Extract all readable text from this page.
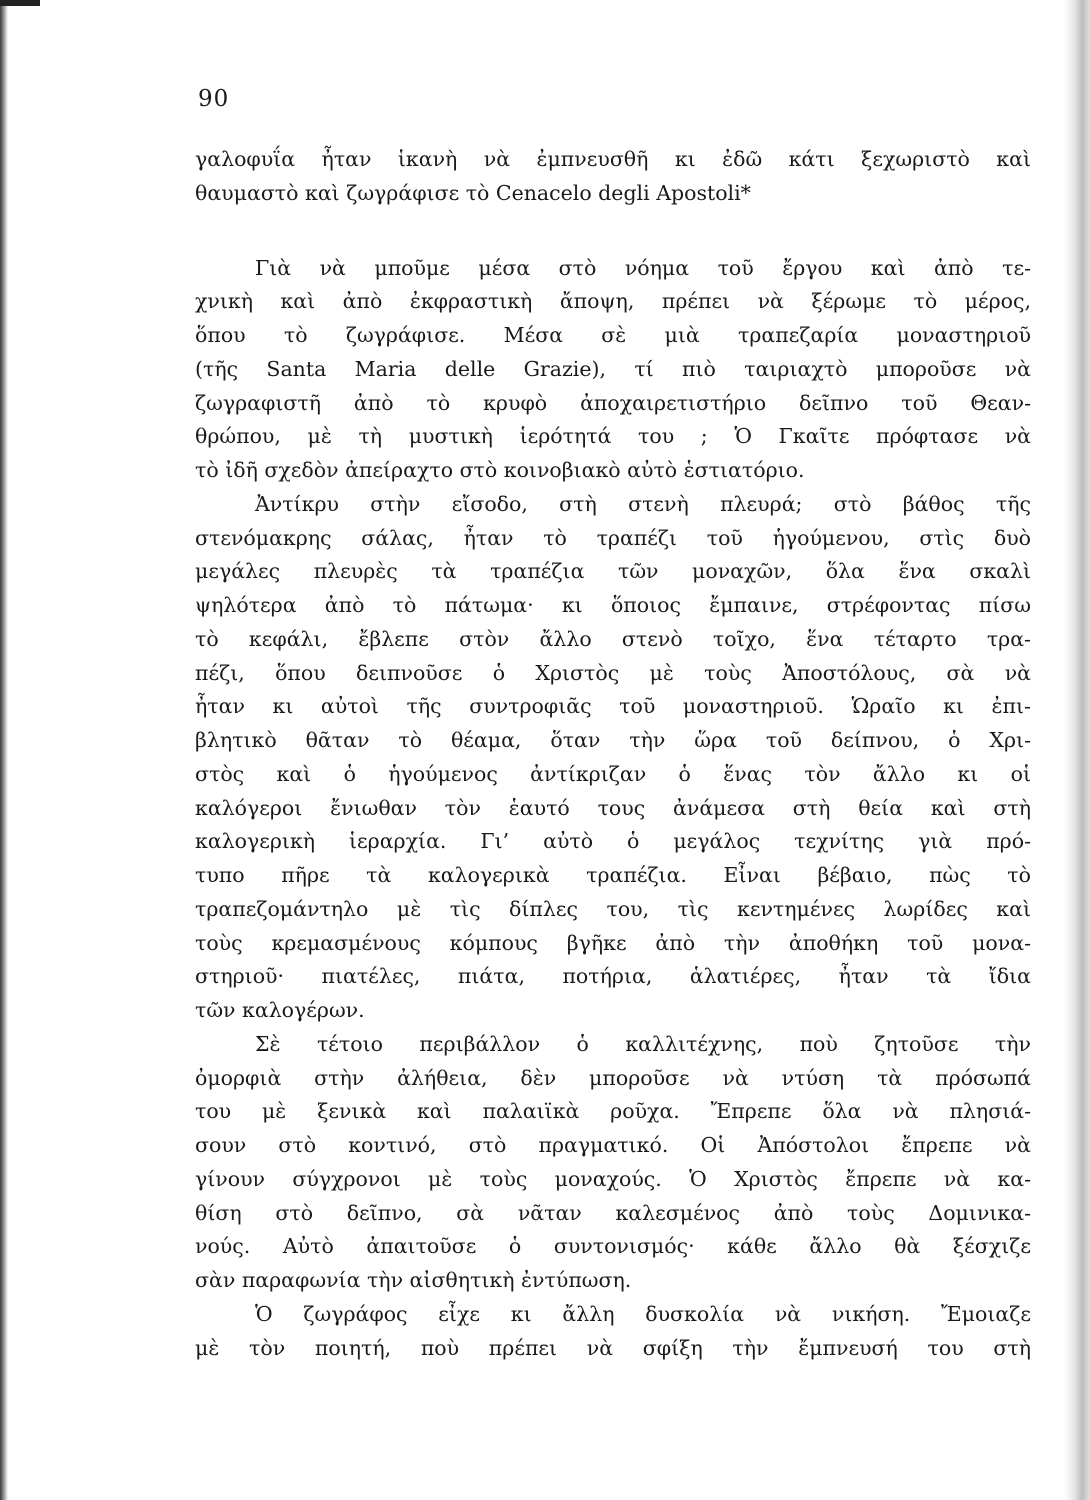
90
γαλοφυΐα ἦταν ἱκανὴ νὰ ἐμπνευσθῆ κι ἐδῶ κάτι ξεχωριστὸ καὶ
θαυμαστὸ καὶ ζωγράφισε τὸ Cenacelo degli Apostoli*
Γιὰ νὰ μποῦμε μέσα στὸ νόημα τοῦ ἔργου καὶ ἀπὸ τε-
χνικὴ καὶ ἀπὸ ἐκφραστικὴ ἄποψη, πρέπει νὰ ξέρωμε τὸ μέρος,
ὅπου τὸ ζωγράφισε. Μέσα σὲ μιὰ τραπεζαρία μοναστηριοῦ
(τῆς Santa Maria delle Grazie), τί πιὸ ταιριαχτὸ μποροῦσε νὰ
ζωγραφιστῆ ἀπὸ τὸ κρυφὸ ἀποχαιρετιστήριο δεῖπνο τοῦ Θεαν-
θρώπου, μὲ τὴ μυστικὴ ἱερότητά του ; Ὁ Γκαῖτε πρόφτασε νὰ
τὸ ἰδῆ σχεδὸν ἀπείραχτο στὸ κοινοβιακὸ αὐτὸ ἑστιατόριο.
Ἀντίκρυ στὴν εἴσοδο, στὴ στενὴ πλευρά; στὸ βάθος τῆς
στενόμακρης σάλας, ἦταν τὸ τραπέζι τοῦ ἡγούμενου, στὶς δυὸ
μεγάλες πλευρὲς τὰ τραπέζια τῶν μοναχῶν, ὅλα ἕνα σκαλὶ
ψηλότερα ἀπὸ τὸ πάτωμα· κι ὅποιος ἔμπαινε, στρέφοντας πίσω
τὸ κεφάλι, ἔβλεπε στὸν ἄλλο στενὸ τοῖχο, ἕνα τέταρτο τρα-
πέζι, ὅπου δειπνοῦσε ὁ Χριστὸς μὲ τοὺς Ἀποστόλους, σὰ νὰ
ἦταν κι αὐτοὶ τῆς συντροφιᾶς τοῦ μοναστηριοῦ. Ὡραῖο κι ἐπι-
βλητικὸ θᾶταν τὸ θέαμα, ὅταν τὴν ὥρα τοῦ δείπνου, ὁ Χρι-
στὸς καὶ ὁ ἡγούμενος ἀντίκριζαν ὁ ἕνας τὸν ἄλλο κι οἱ
καλόγεροι ἔνιωθαν τὸν ἑαυτό τους ἀνάμεσα στὴ θεία καὶ στὴ
καλογερικὴ ἱεραρχία. Γι’ αὐτὸ ὁ μεγάλος τεχνίτης γιὰ πρό-
τυπο πῆρε τὰ καλογερικὰ τραπέζια. Εἶναι βέβαιο, πὼς τὸ
τραπεζομάντηλο μὲ τὶς δίπλες του, τὶς κεντημένες λωρίδες καὶ
τοὺς κρεμασμένους κόμπους βγῆκε ἀπὸ τὴν ἀποθήκη τοῦ μονα-
στηριοῦ· πιατέλες, πιάτα, ποτήρια, ἁλατιέρες, ἦταν τὰ ἴδια
τῶν καλογέρων.
Σὲ τέτοιο περιβάλλον ὁ καλλιτέχνης, ποὺ ζητοῦσε τὴν
ὀμορφιὰ στὴν ἀλήθεια, δὲν μποροῦσε νὰ ντύση τὰ πρόσωπά
του μὲ ξενικὰ καὶ παλαιϊκὰ ροῦχα. Ἔπρεπε ὅλα νὰ πλησιά-
σουν στὸ κοντινό, στὸ πραγματικό. Οἱ Ἀπόστολοι ἔπρεπε νὰ
γίνουν σύγχρονοι μὲ τοὺς μοναχούς. Ὁ Χριστὸς ἔπρεπε νὰ κα-
θίση στὸ δεῖπνο, σὰ νᾶταν καλεσμένος ἀπὸ τοὺς Δομινικα-
νούς. Αὐτὸ ἀπαιτοῦσε ὁ συντονισμός· κάθε ἄλλο θὰ ξέσχιζε
σὰν παραφωνία τὴν αἰσθητικὴ ἐντύπωση.
Ὁ ζωγράφος εἶχε κι ἄλλη δυσκολία νὰ νικήση. Ἔμοιαζε
μὲ τὸν ποιητή, ποὺ πρέπει νὰ σφίξη τὴν ἔμπνευσή του στὴ
